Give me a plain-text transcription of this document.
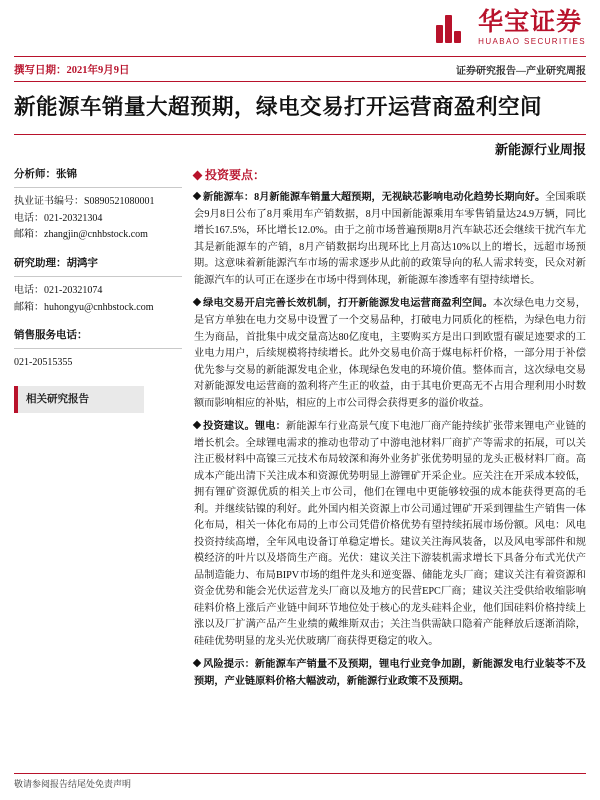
华宝证券
HUABAO SECURITIES
撰写日期：2021年9月9日	证券研究报告—产业研究周报
新能源车销量大超预期，绿电交易打开运营商盈利空间
新能源行业周报
分析师：张锦
执业证书编号：S0890521080001
电话：021-20321304
邮箱：zhangjin@cnhbstock.com
研究助理：胡鸿宇
电话：021-20321074
邮箱：huhongyu@cnhbstock.com
销售服务电话：
021-20515355
相关研究报告
投资要点：

新能源车：8月新能源车销量大超预期，无视缺芯影响电动化趋势长期向好。全国乘联会9月8日公布了8月乘用车产销数据，8月中国新能源乘用车零售销量达24.9万辆，同比增长167.5%，环比增长12.0%。由于之前市场普遍预期8月汽车缺芯还会继续干扰汽车尤其是新能源车的产销，8月产销数据均出现环比上月高达10%以上的增长，远超市场预期。这意味着新能源汽车市场的需求逐步从此前的政策导向的私人需求转变，民众对新能源汽车的认可正在逐步在市场中得到体现，新能源车渗透率有望持续增长。

绿电交易开启完善长效机制，打开新能源发电运营商盈利空间。本次绿色电力交易，是官方单独在电力交易中设置了一个交易品种，打破电力同质化的桎梏，为绿色电力衍生为商品，首批集中成交量高达80亿度电，主要购买方是出口到欧盟有碳足迹要求的工业电力用户，后续规模将持续增长。此外交易电价高于煤电标杆价格，一部分用于补偿优先参与交易的新能源发电企业，体现绿色发电的环境价值。整体而言，这次绿电交易对新能源发电运营商的盈利将产生正的收益，由于其电价更高无不占用合理利用小时数额而影响相应的补贴，相应的上市公司得会获得更多的溢价收益。

投资建议。锂电：新能源车行业高景气度下电池厂商产能持续扩张带来锂电产业链的增长机会。全球锂电需求的推动也带动了中游电池材料厂商扩产等需求的拓展，可以关注正极材料中高镍三元技术布局较深和海外业务扩张优势明显的龙头正极材料厂商。高成本产能出清下关注成本和资源优势明显上游锂矿开采企业。应关注在开采成本较低，拥有锂矿资源优质的相关上市公司，他们在锂电中更能够较强的成本能获得更高的毛利。并继续钴镍的利好。此外国内相关资源上市公司通过锂矿开采到锂盐生产销售一体化布局，相关一体化布局的上市公司凭借价格优势有望持续拓展市场份额。风电：风电投资持续高增，全年风电设备订单稳定增长。建议关注海风装备，以及风电零部件和规模经济的叶片以及塔筒生产商。光伏：建议关注下游装机需求增长下具备分布式光伏产品制造能力、布局BIPV市场的组件龙头和逆变器、储能龙头厂商；建议关注有着资源和资金优势和能会光伏运营龙头厂商以及地方的民营EPC厂商；建议关注受供给收缩影响硅料价格上涨后产业链中间环节地位处于核心的龙头硅料企业，他们国硅料价格持续上涨以及厂扩满产品产生业绩的戴维斯双击；关注当供需缺口隐着产能释放后逐渐消除，硅硅优势明显的龙头光伏玻璃厂商获得更稳定的收入。

风险提示：新能源车产销量不及预期，锂电行业竞争加剧，新能源发电行业装苓不及预期，产业链原料价格大幅波动，新能源行业政策不及预期。

敬请参阅报告结尾处免责声明
